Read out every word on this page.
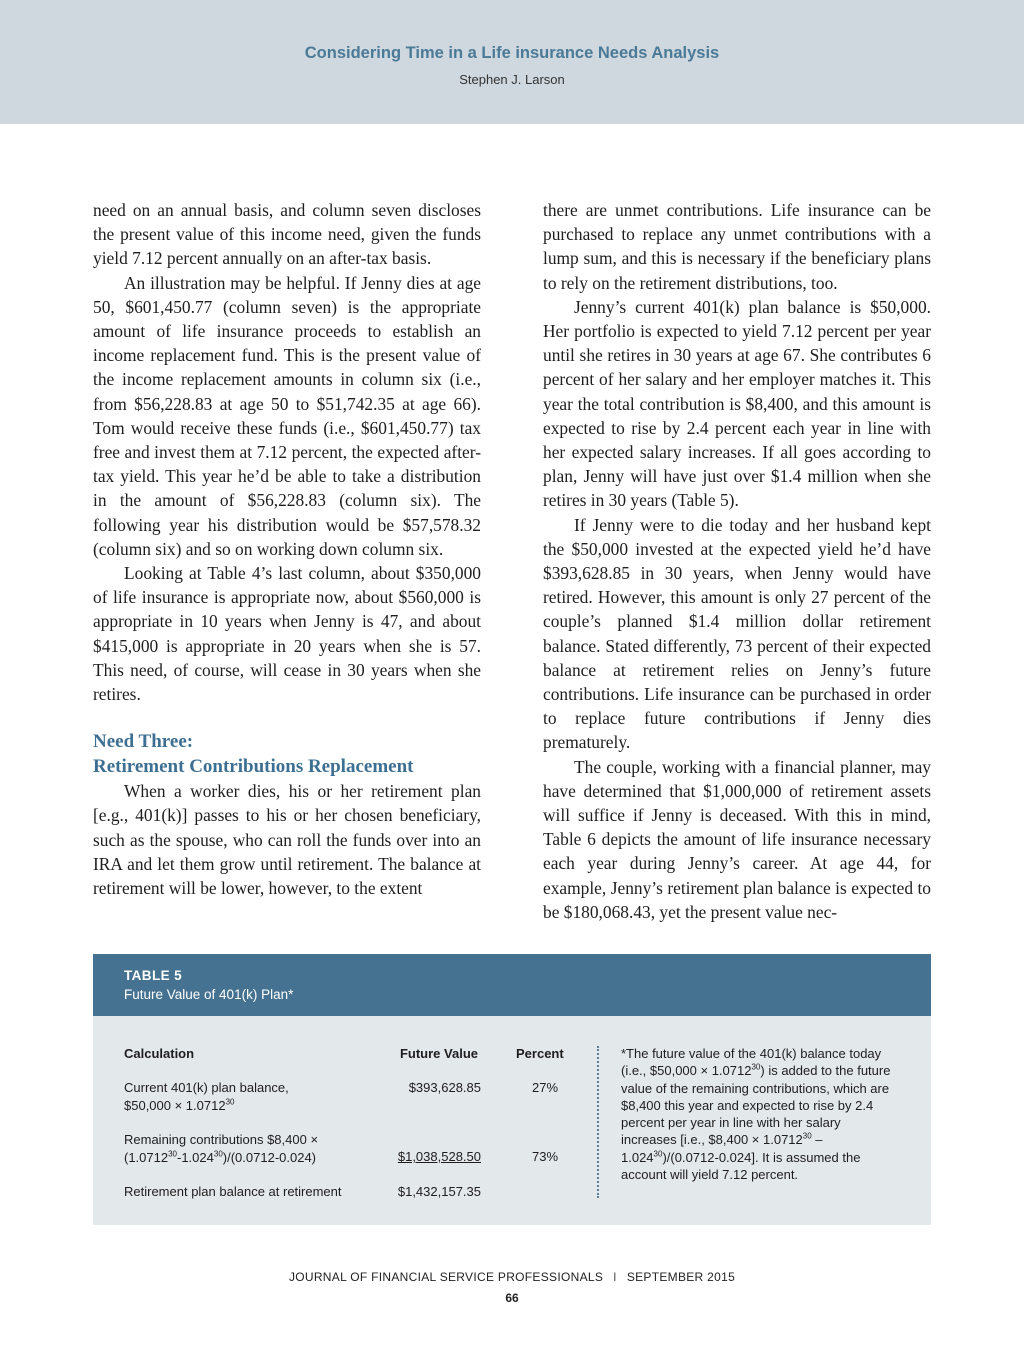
Considering Time in a Life insurance Needs Analysis
Stephen J. Larson

need on an annual basis, and column seven discloses the present value of this income need, given the funds yield 7.12 percent annually on an after-tax basis.

An illustration may be helpful. If Jenny dies at age 50, $601,450.77 (column seven) is the appropriate amount of life insurance proceeds to establish an income replacement fund. This is the present value of the income replacement amounts in column six (i.e., from $56,228.83 at age 50 to $51,742.35 at age 66). Tom would receive these funds (i.e., $601,450.77) tax free and invest them at 7.12 percent, the expected after-tax yield. This year he’d be able to take a distribution in the amount of $56,228.83 (column six). The following year his distribution would be $57,578.32 (column six) and so on working down column six.

Looking at Table 4’s last column, about $350,000 of life insurance is appropriate now, about $560,000 is appropriate in 10 years when Jenny is 47, and about $415,000 is appropriate in 20 years when she is 57. This need, of course, will cease in 30 years when she retires.

Need Three:
Retirement Contributions Replacement

When a worker dies, his or her retirement plan [e.g., 401(k)] passes to his or her chosen beneficiary, such as the spouse, who can roll the funds over into an IRA and let them grow until retirement. The balance at retirement will be lower, however, to the extent

there are unmet contributions. Life insurance can be purchased to replace any unmet contributions with a lump sum, and this is necessary if the beneficiary plans to rely on the retirement distributions, too.

Jenny’s current 401(k) plan balance is $50,000. Her portfolio is expected to yield 7.12 percent per year until she retires in 30 years at age 67. She contributes 6 percent of her salary and her employer matches it. This year the total contribution is $8,400, and this amount is expected to rise by 2.4 percent each year in line with her expected salary increases. If all goes according to plan, Jenny will have just over $1.4 million when she retires in 30 years (Table 5).

If Jenny were to die today and her husband kept the $50,000 invested at the expected yield he’d have $393,628.85 in 30 years, when Jenny would have retired. However, this amount is only 27 percent of the couple’s planned $1.4 million dollar retirement balance. Stated differently, 73 percent of their expected balance at retirement relies on Jenny’s future contributions. Life insurance can be purchased in order to replace future contributions if Jenny dies prematurely.

The couple, working with a financial planner, may have determined that $1,000,000 of retirement assets will suffice if Jenny is deceased. With this in mind, Table 6 depicts the amount of life insurance necessary each year during Jenny’s career. At age 44, for example, Jenny’s retirement plan balance is expected to be $180,068.43, yet the present value nec-

TABLE 5
Future Value of 401(k) Plan*
Calculation	Future Value	Percent
Current 401(k) plan balance,
$50,000 × $1.0712^{30}$
$393,628.85	27%
Remaining contributions $8,400 ×
$(1.0712^{30}-1.024^{30})/(0.0712-0.024)$	$1,038,528.50	73%
Retirement plan balance at retirement	$1,432,157.35
*The future value of the 401(k) balance today (i.e., $50,000 × $1.0712^{30}$) is added to the future value of the remaining contributions, which are $8,400 this year and expected to rise by 2.4 percent per year in line with her salary increases [i.e., $8,400 × $1.0712^{30} - 1.024^{30})/(0.0712-0.024]$. It is assumed the account will yield 7.12 percent.
JOURNAL OF FINANCIAL SERVICE PROFESSIONALS I SEPTEMBER 2015
66
